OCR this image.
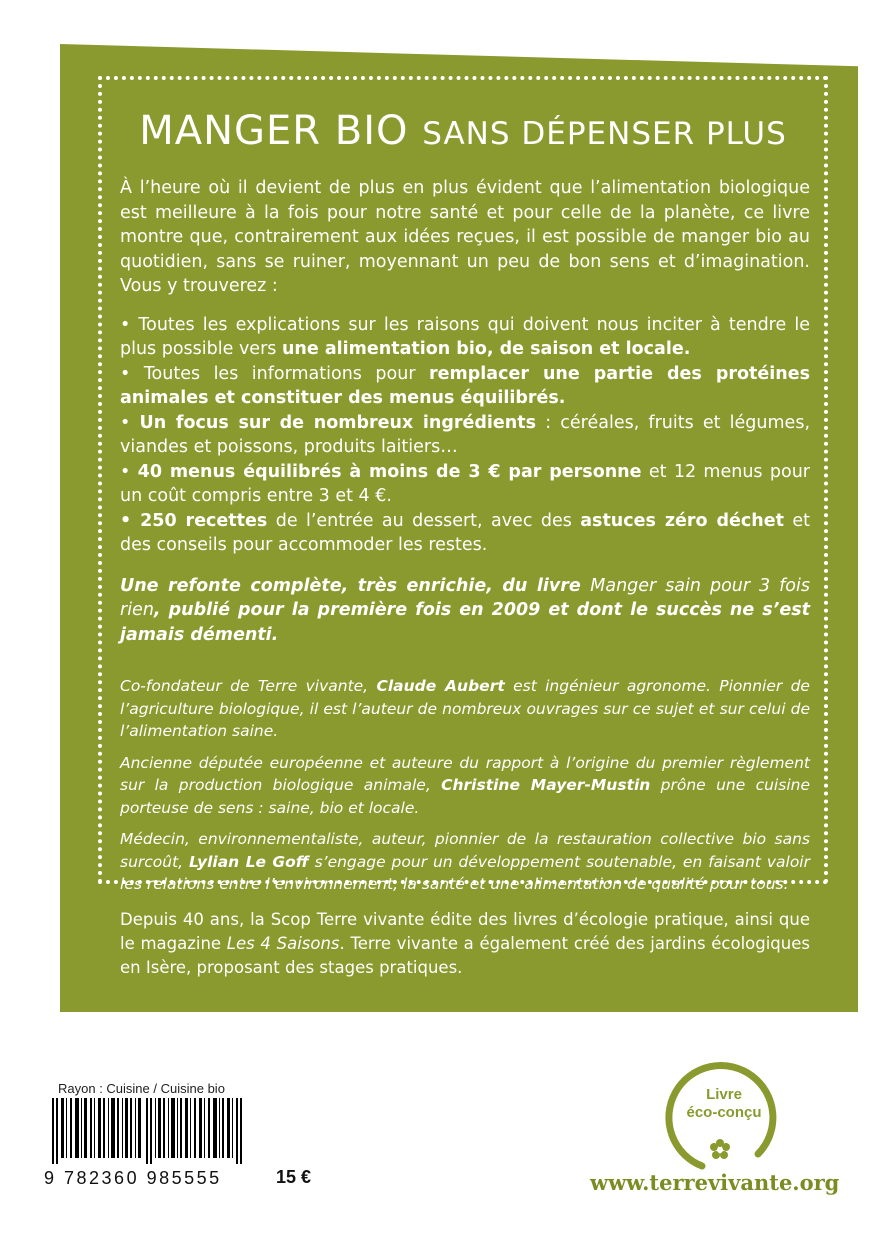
MANGER BIO SANS DÉPENSER PLUS

À l’heure où il devient de plus en plus évident que l’alimentation biologique est meilleure à la fois pour notre santé et pour celle de la planète, ce livre montre que, contrairement aux idées reçues, il est possible de manger bio au quotidien, sans se ruiner, moyennant un peu de bon sens et d’imagination. Vous y trouverez :

• Toutes les explications sur les raisons qui doivent nous inciter à tendre le plus possible vers une alimentation bio, de saison et locale.

• Toutes les informations pour remplacer une partie des protéines animales et constituer des menus équilibrés.

• Un focus sur de nombreux ingrédients : céréales, fruits et légumes, viandes et poissons, produits laitiers…

• 40 menus équilibrés à moins de 3 € par personne et 12 menus pour un coût compris entre 3 et 4 €.

• 250 recettes de l’entrée au dessert, avec des astuces zéro déchet et des conseils pour accommoder les restes.

Une refonte complète, très enrichie, du livre Manger sain pour 3 fois rien, publié pour la première fois en 2009 et dont le succès ne s’est jamais démenti.

Co-fondateur de Terre vivante, Claude Aubert est ingénieur agronome. Pionnier de l’agriculture biologique, il est l’auteur de nombreux ouvrages sur ce sujet et sur celui de l’alimentation saine.

Ancienne députée européenne et auteure du rapport à l’origine du premier règlement sur la production biologique animale, Christine Mayer-Mustin prône une cuisine porteuse de sens : saine, bio et locale.

Médecin, environnementaliste, auteur, pionnier de la restauration collective bio sans surcoût, Lylian Le Goff s’engage pour un développement soutenable, en faisant valoir les relations entre l’environnement, la santé et une alimentation de qualité pour tous.

Depuis 40 ans, la Scop Terre vivante édite des livres d’écologie pratique, ainsi que le magazine Les 4 Saisons. Terre vivante a également créé des jardins écologiques en Isère, proposant des stages pratiques.

Rayon : Cuisine / Cuisine bio
9 782360 985555	15 €
Livre
éco-conçu
www.terrevivante.org
